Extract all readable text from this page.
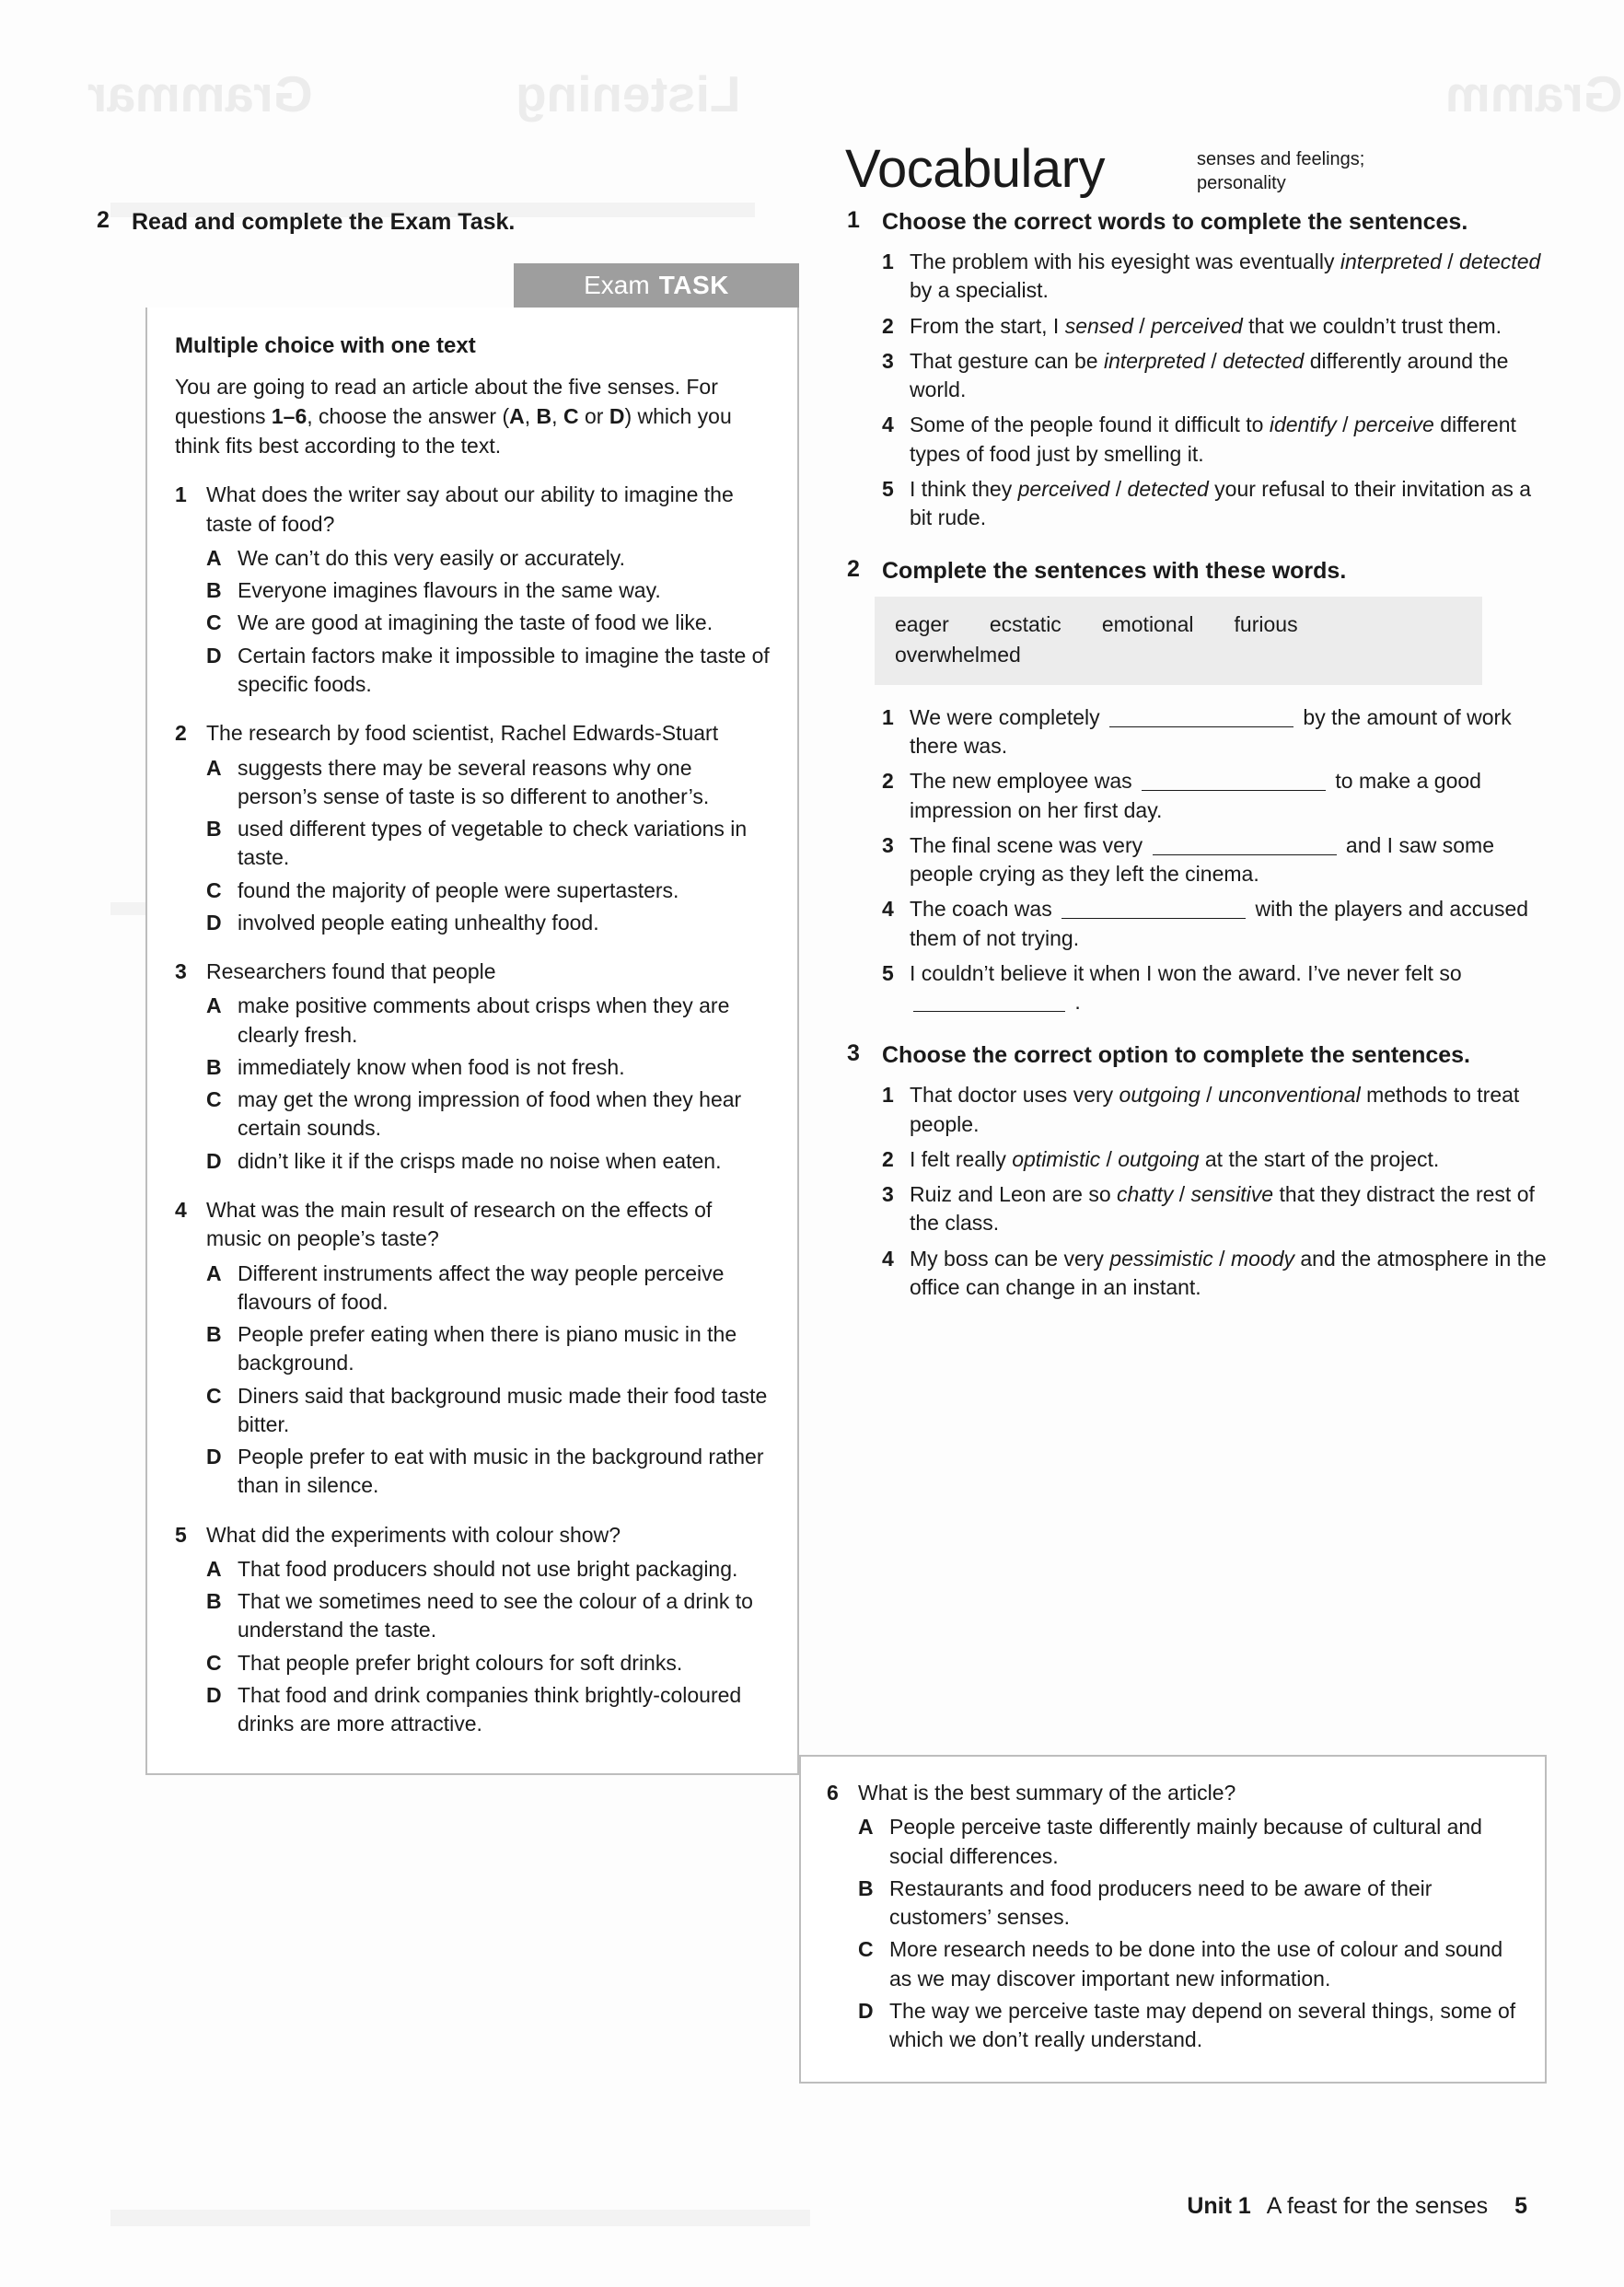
Grammar	Listening	Gramm
Vocabulary	senses and feelings;
personality
2 Read and complete the Exam Task.
Exam TASK

Multiple choice with one text

You are going to read an article about the five senses. For questions 1–6, choose the answer (A, B, C or D) which you think fits best according to the text.

1 What does the writer say about our ability to imagine the taste of food?
A We can’t do this very easily or accurately.
B Everyone imagines flavours in the same way.
C We are good at imagining the taste of food we like.
D Certain factors make it impossible to imagine the taste of specific foods.
2 The research by food scientist, Rachel Edwards-Stuart
A suggests there may be several reasons why one person’s sense of taste is so different to another’s.
B used different types of vegetable to check variations in taste.
C found the majority of people were supertasters.
D involved people eating unhealthy food.
3 Researchers found that people
A make positive comments about crisps when they are clearly fresh.
B immediately know when food is not fresh.
C may get the wrong impression of food when they hear certain sounds.
D didn’t like it if the crisps made no noise when eaten.
4 What was the main result of research on the effects of music on people’s taste?
A Different instruments affect the way people perceive flavours of food.
B People prefer eating when there is piano music in the background.
C Diners said that background music made their food taste bitter.
D People prefer to eat with music in the background rather than in silence.
5 What did the experiments with colour show?
A That food producers should not use bright packaging.
B That we sometimes need to see the colour of a drink to understand the taste.
C That people prefer bright colours for soft drinks.
D That food and drink companies think brightly-coloured drinks are more attractive.
1 Choose the correct words to complete the sentences.
1 The problem with his eyesight was eventually interpreted / detected by a specialist.
2 From the start, I sensed / perceived that we couldn’t trust them.
3 That gesture can be interpreted / detected differently around the world.
4 Some of the people found it difficult to identify / perceive different types of food just by smelling it.
5 I think they perceived / detected your refusal to their invitation as a bit rude.
2 Complete the sentences with these words.
eager ecstatic emotional furious
overwhelmed
1 We were completely	by the amount of work there was.
2 The new employee was	to make a good impression on her first day.
3 The final scene was very	and I saw some people crying as they left the cinema.
4 The coach was	with the players and accused them of not trying.
5 I couldn’t believe it when I won the award. I’ve never felt so  .
3 Choose the correct option to complete the sentences.
1 That doctor uses very outgoing / unconventional methods to treat people.
2 I felt really optimistic / outgoing at the start of the project.
3 Ruiz and Leon are so chatty / sensitive that they distract the rest of the class.
4 My boss can be very pessimistic / moody and the atmosphere in the office can change in an instant.
6 What is the best summary of the article?
A People perceive taste differently mainly because of cultural and social differences.
B Restaurants and food producers need to be aware of their customers’ senses.
C More research needs to be done into the use of colour and sound as we may discover important new information.
D The way we perceive taste may depend on several things, some of which we don’t really understand.
Unit 1 A feast for the senses 5
